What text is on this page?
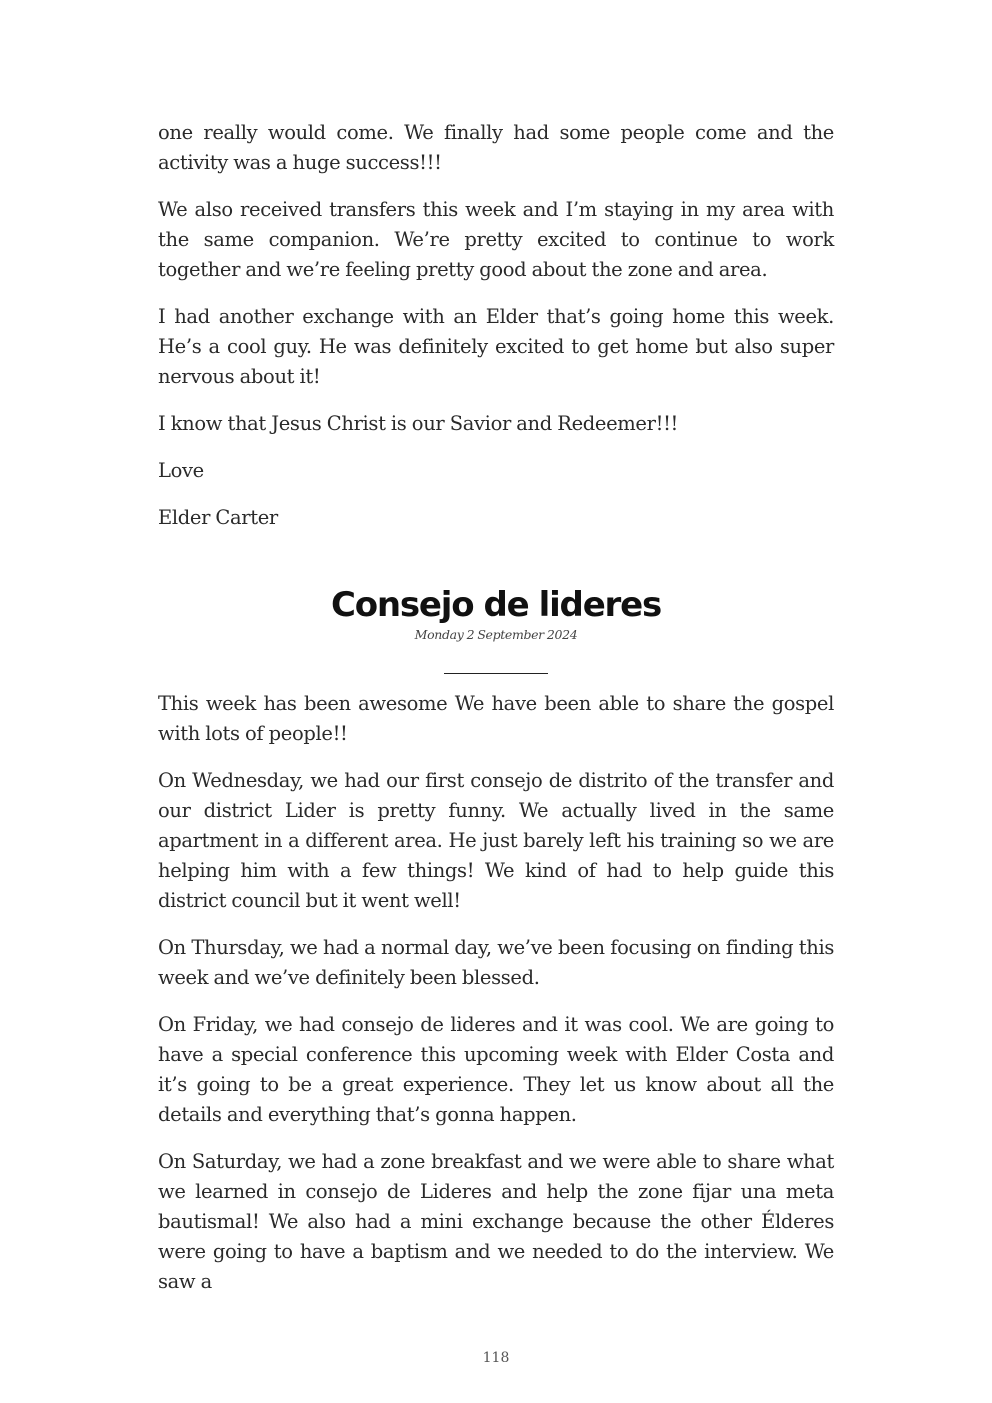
one really would come. We finally had some people come and the activity was a huge success!!!

We also received transfers this week and I’m staying in my area with the same companion. We’re pretty excited to continue to work together and we’re feeling pretty good about the zone and area.

I had another exchange with an Elder that’s going home this week. He’s a cool guy. He was definitely excited to get home but also super nervous about it!

I know that Jesus Christ is our Savior and Redeemer!!!

Love

Elder Carter

Consejo de lideres
Monday 2 September 2024

This week has been awesome We have been able to share the gospel with lots of people!!

On Wednesday, we had our first consejo de distrito of the transfer and our district Lider is pretty funny. We actually lived in the same apartment in a different area. He just barely left his training so we are helping him with a few things! We kind of had to help guide this district council but it went well!

On Thursday, we had a normal day, we’ve been focusing on finding this week and we’ve definitely been blessed.

On Friday, we had consejo de lideres and it was cool. We are going to have a special conference this upcoming week with Elder Costa and it’s going to be a great experience. They let us know about all the details and everything that’s gonna happen.

On Saturday, we had a zone breakfast and we were able to share what we learned in consejo de Lideres and help the zone fijar una meta bautismal! We also had a mini exchange because the other Élderes were going to have a baptism and we needed to do the interview. We saw a

118
